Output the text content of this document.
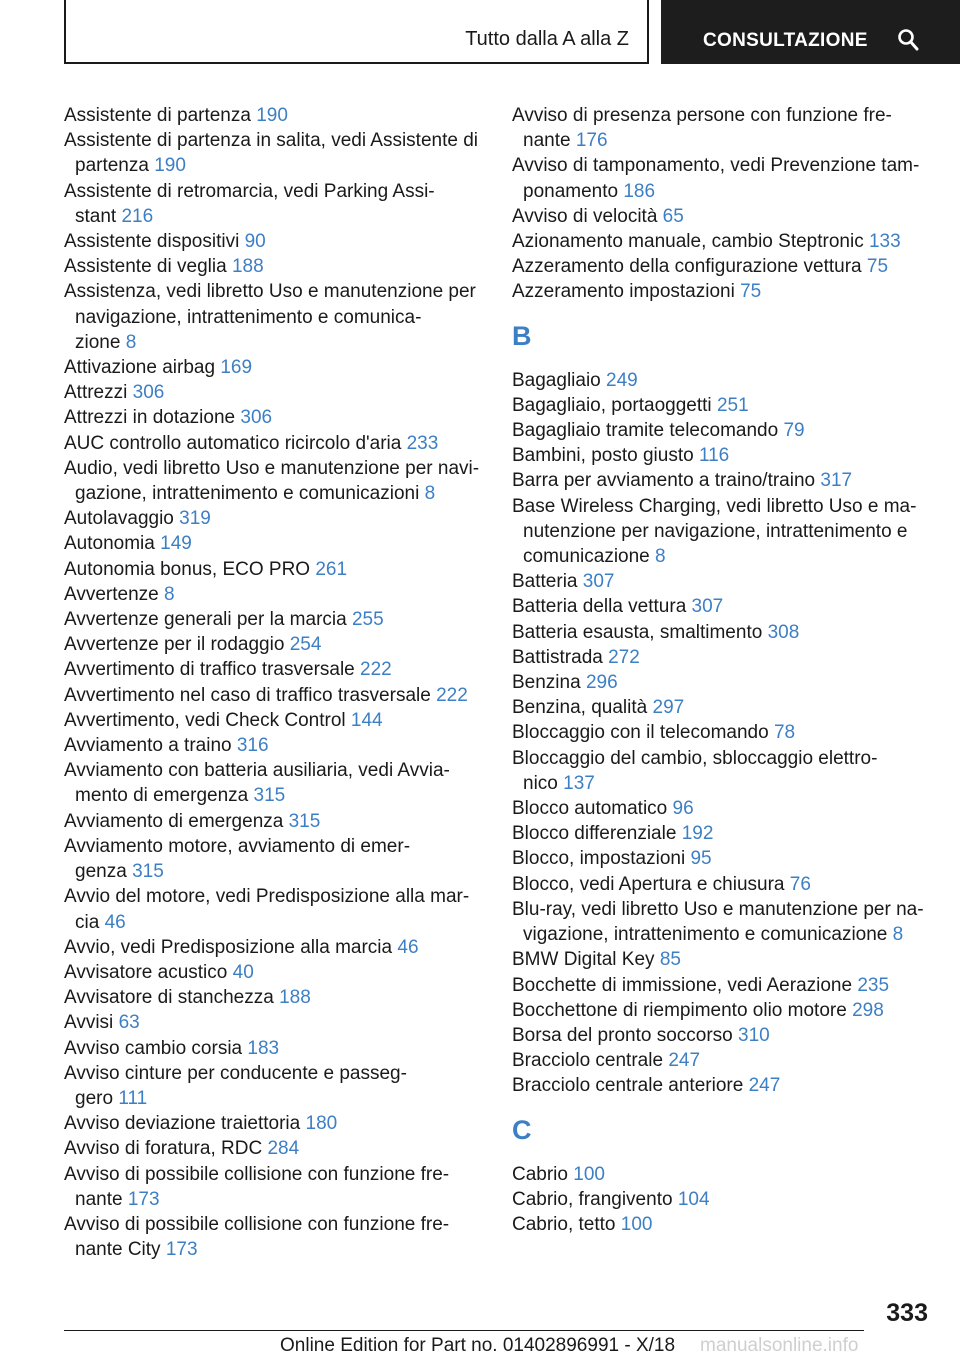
Tutto dalla A alla Z	CONSULTAZIONE
Assistente di partenza 190
Assistente di partenza in salita, vedi Assistente di
partenza 190
Assistente di retromarcia, vedi Parking Assi-
stant 216
Assistente dispositivi 90
Assistente di veglia 188
Assistenza, vedi libretto Uso e manutenzione per
navigazione, intrattenimento e comunica-
zione 8
Attivazione airbag 169
Attrezzi 306
Attrezzi in dotazione 306
AUC controllo automatico ricircolo d'aria 233
Audio, vedi libretto Uso e manutenzione per navi-
gazione, intrattenimento e comunicazioni 8
Autolavaggio 319
Autonomia 149
Autonomia bonus, ECO PRO 261
Avvertenze 8
Avvertenze generali per la marcia 255
Avvertenze per il rodaggio 254
Avvertimento di traffico trasversale 222
Avvertimento nel caso di traffico trasversale 222
Avvertimento, vedi Check Control 144
Avviamento a traino 316
Avviamento con batteria ausiliaria, vedi Avvia-
mento di emergenza 315
Avviamento di emergenza 315
Avviamento motore, avviamento di emer-
genza 315
Avvio del motore, vedi Predisposizione alla mar-
cia 46
Avvio, vedi Predisposizione alla marcia 46
Avvisatore acustico 40
Avvisatore di stanchezza 188
Avvisi 63
Avviso cambio corsia 183
Avviso cinture per conducente e passeg-
gero 111
Avviso deviazione traiettoria 180
Avviso di foratura, RDC 284
Avviso di possibile collisione con funzione fre-
nante 173
Avviso di possibile collisione con funzione fre-
nante City 173
Avviso di presenza persone con funzione fre-
nante 176
Avviso di tamponamento, vedi Prevenzione tam-
ponamento 186
Avviso di velocità 65
Azionamento manuale, cambio Steptronic 133
Azzeramento della configurazione vettura 75
Azzeramento impostazioni 75
B
Bagagliaio 249
Bagagliaio, portaoggetti 251
Bagagliaio tramite telecomando 79
Bambini, posto giusto 116
Barra per avviamento a traino/traino 317
Base Wireless Charging, vedi libretto Uso e ma-
nutenzione per navigazione, intrattenimento e
comunicazione 8
Batteria 307
Batteria della vettura 307
Batteria esausta, smaltimento 308
Battistrada 272
Benzina 296
Benzina, qualità 297
Bloccaggio con il telecomando 78
Bloccaggio del cambio, sbloccaggio elettro-
nico 137
Blocco automatico 96
Blocco differenziale 192
Blocco, impostazioni 95
Blocco, vedi Apertura e chiusura 76
Blu-ray, vedi libretto Uso e manutenzione per na-
vigazione, intrattenimento e comunicazione 8
BMW Digital Key 85
Bocchette di immissione, vedi Aerazione 235
Bocchettone di riempimento olio motore 298
Borsa del pronto soccorso 310
Bracciolo centrale 247
Bracciolo centrale anteriore 247
C
Cabrio 100
Cabrio, frangivento 104
Cabrio, tetto 100
333
Online Edition for Part no. 01402896991 - X/18 manualsonline.info
